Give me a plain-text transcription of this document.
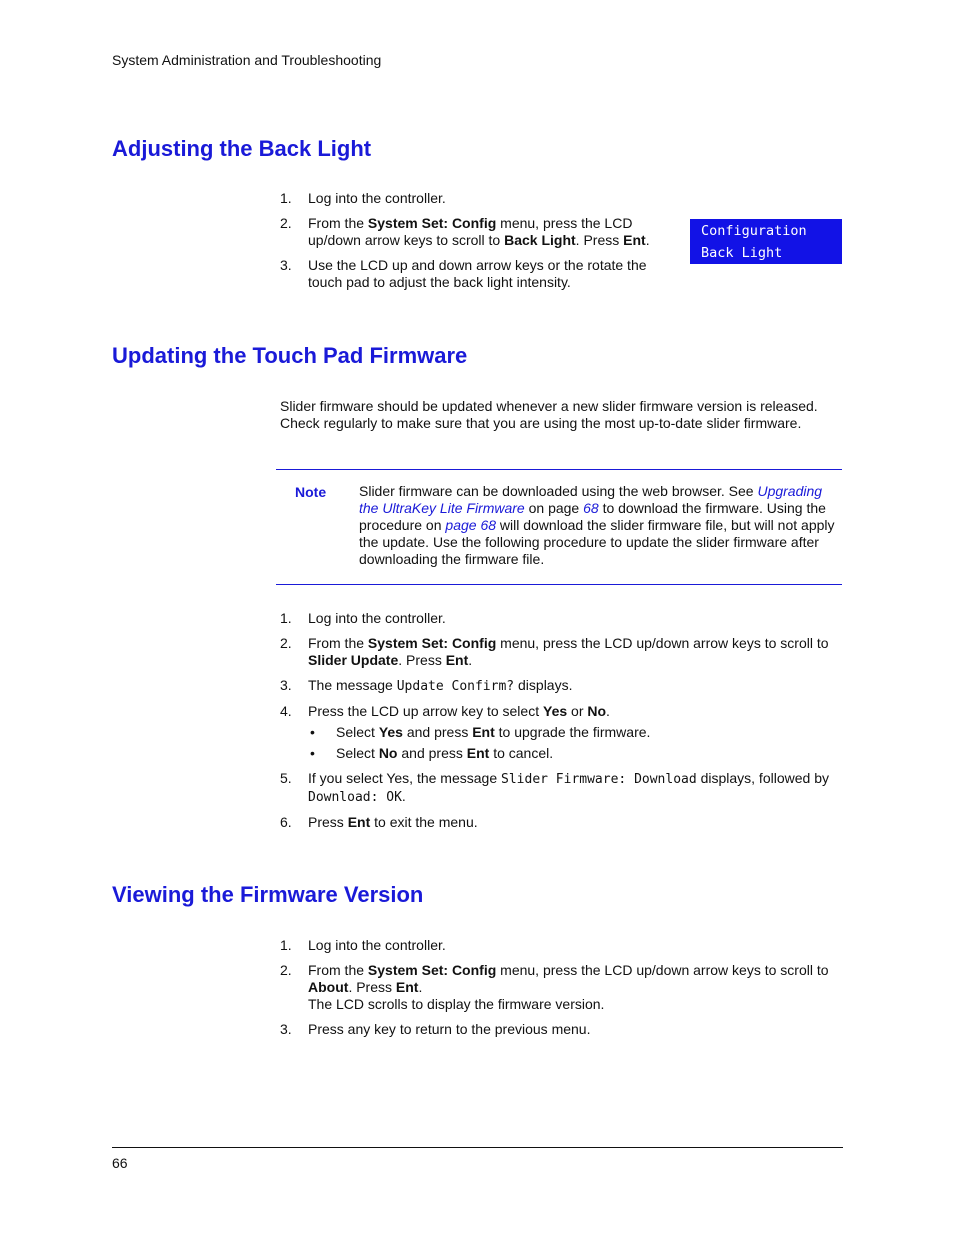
System Administration and Troubleshooting
Adjusting the Back Light
1. Log into the controller.
2. From the System Set: Config menu, press the LCD up/down arrow keys to scroll to Back Light. Press Ent.
3. Use the LCD up and down arrow keys or the rotate the touch pad to adjust the back light intensity.
Configuration
Back Light
Updating the Touch Pad Firmware
Slider firmware should be updated whenever a new slider firmware version is released. Check regularly to make sure that you are using the most up-to-date slider firmware.
Note Slider firmware can be downloaded using the web browser. See Upgrading the UltraKey Lite Firmware on page 68 to download the firmware. Using the procedure on page 68 will download the slider firmware file, but will not apply the update. Use the following procedure to update the slider firmware after downloading the firmware file.
1. Log into the controller.
2. From the System Set: Config menu, press the LCD up/down arrow keys to scroll to Slider Update. Press Ent.
3. The message Update Confirm? displays.
4. Press the LCD up arrow key to select Yes or No.
• Select Yes and press Ent to upgrade the firmware.
• Select No and press Ent to cancel.
5. If you select Yes, the message Slider Firmware: Download displays, followed by Download: OK.
6. Press Ent to exit the menu.
Viewing the Firmware Version
1. Log into the controller.
2. From the System Set: Config menu, press the LCD up/down arrow keys to scroll to About. Press Ent.
The LCD scrolls to display the firmware version.
3. Press any key to return to the previous menu.
66
